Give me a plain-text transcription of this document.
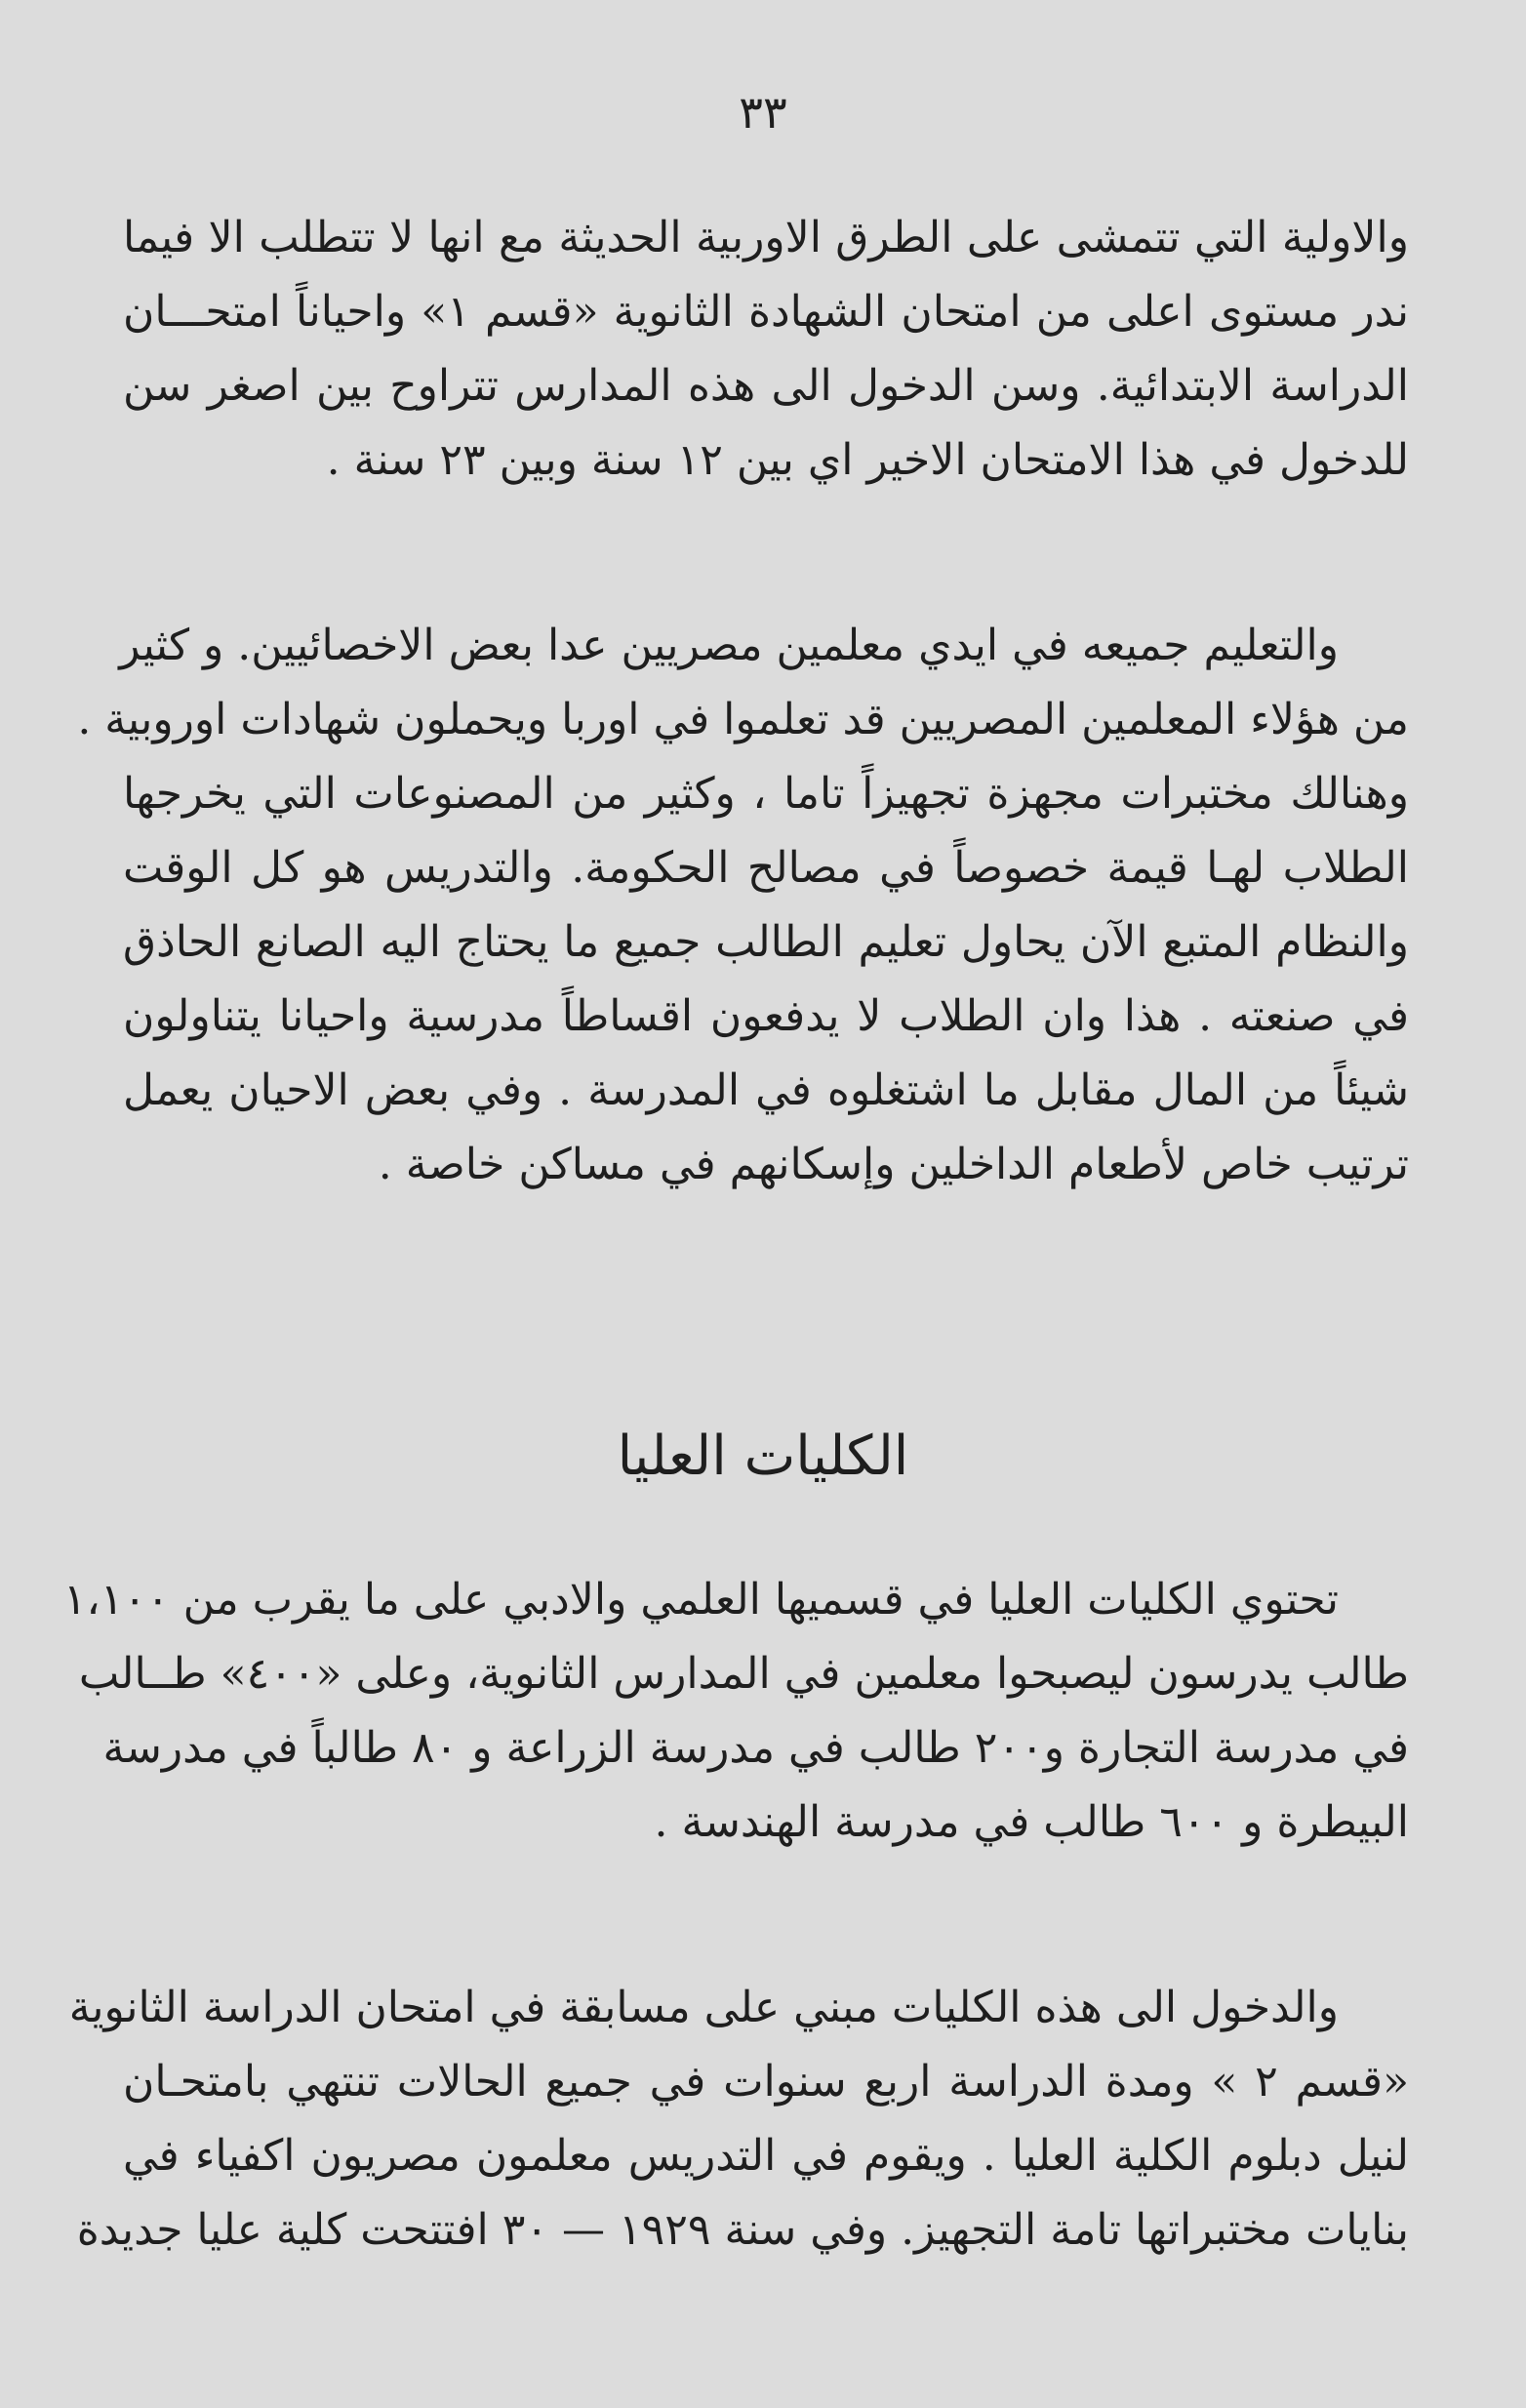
٣٣
والاولية التي تتمشى على الطرق الاوربية الحديثة مع انها لا تتطلب الا فيما
ندر مستوى اعلى من امتحان الشهادة الثانوية «قسم ١» واحياناً امتحـــان
الدراسة الابتدائية. وسن الدخول الى هذه المدارس تتراوح بين اصغر سن
للدخول في هذا الامتحان الاخير اي بين ١٢ سنة وبين ٢٣ سنة .
والتعليم جميعه في ايدي معلمين مصريين عدا بعض الاخصائيين. و كثير
من هؤلاء المعلمين المصريين قد تعلموا في اوربا ويحملون شهادات اوروبية .
وهنالك مختبرات مجهزة تجهيزاً تاما ، وكثير من المصنوعات التي يخرجها
الطلاب لهـا قيمة خصوصاً في مصالح الحكومة. والتدريس هو كل الوقت
والنظام المتبع الآن يحاول تعليم الطالب جميع ما يحتاج اليه الصانع الحاذق
في صنعته . هذا وان الطلاب لا يدفعون اقساطاً مدرسية واحيانا يتناولون
شيئاً من المال مقابل ما اشتغلوه في المدرسة . وفي بعض الاحيان يعمل
ترتيب خاص لأطعام الداخلين وإسكانهم في مساكن خاصة .
الكليات العليا
تحتوي الكليات العليا في قسميها العلمي والادبي على ما يقرب من ١،١٠٠
طالب يدرسون ليصبحوا معلمين في المدارس الثانوية، وعلى «٤٠٠» طــالب
في مدرسة التجارة و٢٠٠ طالب في مدرسة الزراعة و ٨٠ طالباً في مدرسة
البيطرة و ٦٠٠ طالب في مدرسة الهندسة .
والدخول الى هذه الكليات مبني على مسابقة في امتحان الدراسة الثانوية
«قسم ٢ » ومدة الدراسة اربع سنوات في جميع الحالات تنتهي بامتحـان
لنيل دبلوم الكلية العليا . ويقوم في التدريس معلمون مصريون اكفياء في
بنايات مختبراتها تامة التجهيز. وفي سنة ١٩٢٩ — ٣٠ افتتحت كلية عليا جديدة
